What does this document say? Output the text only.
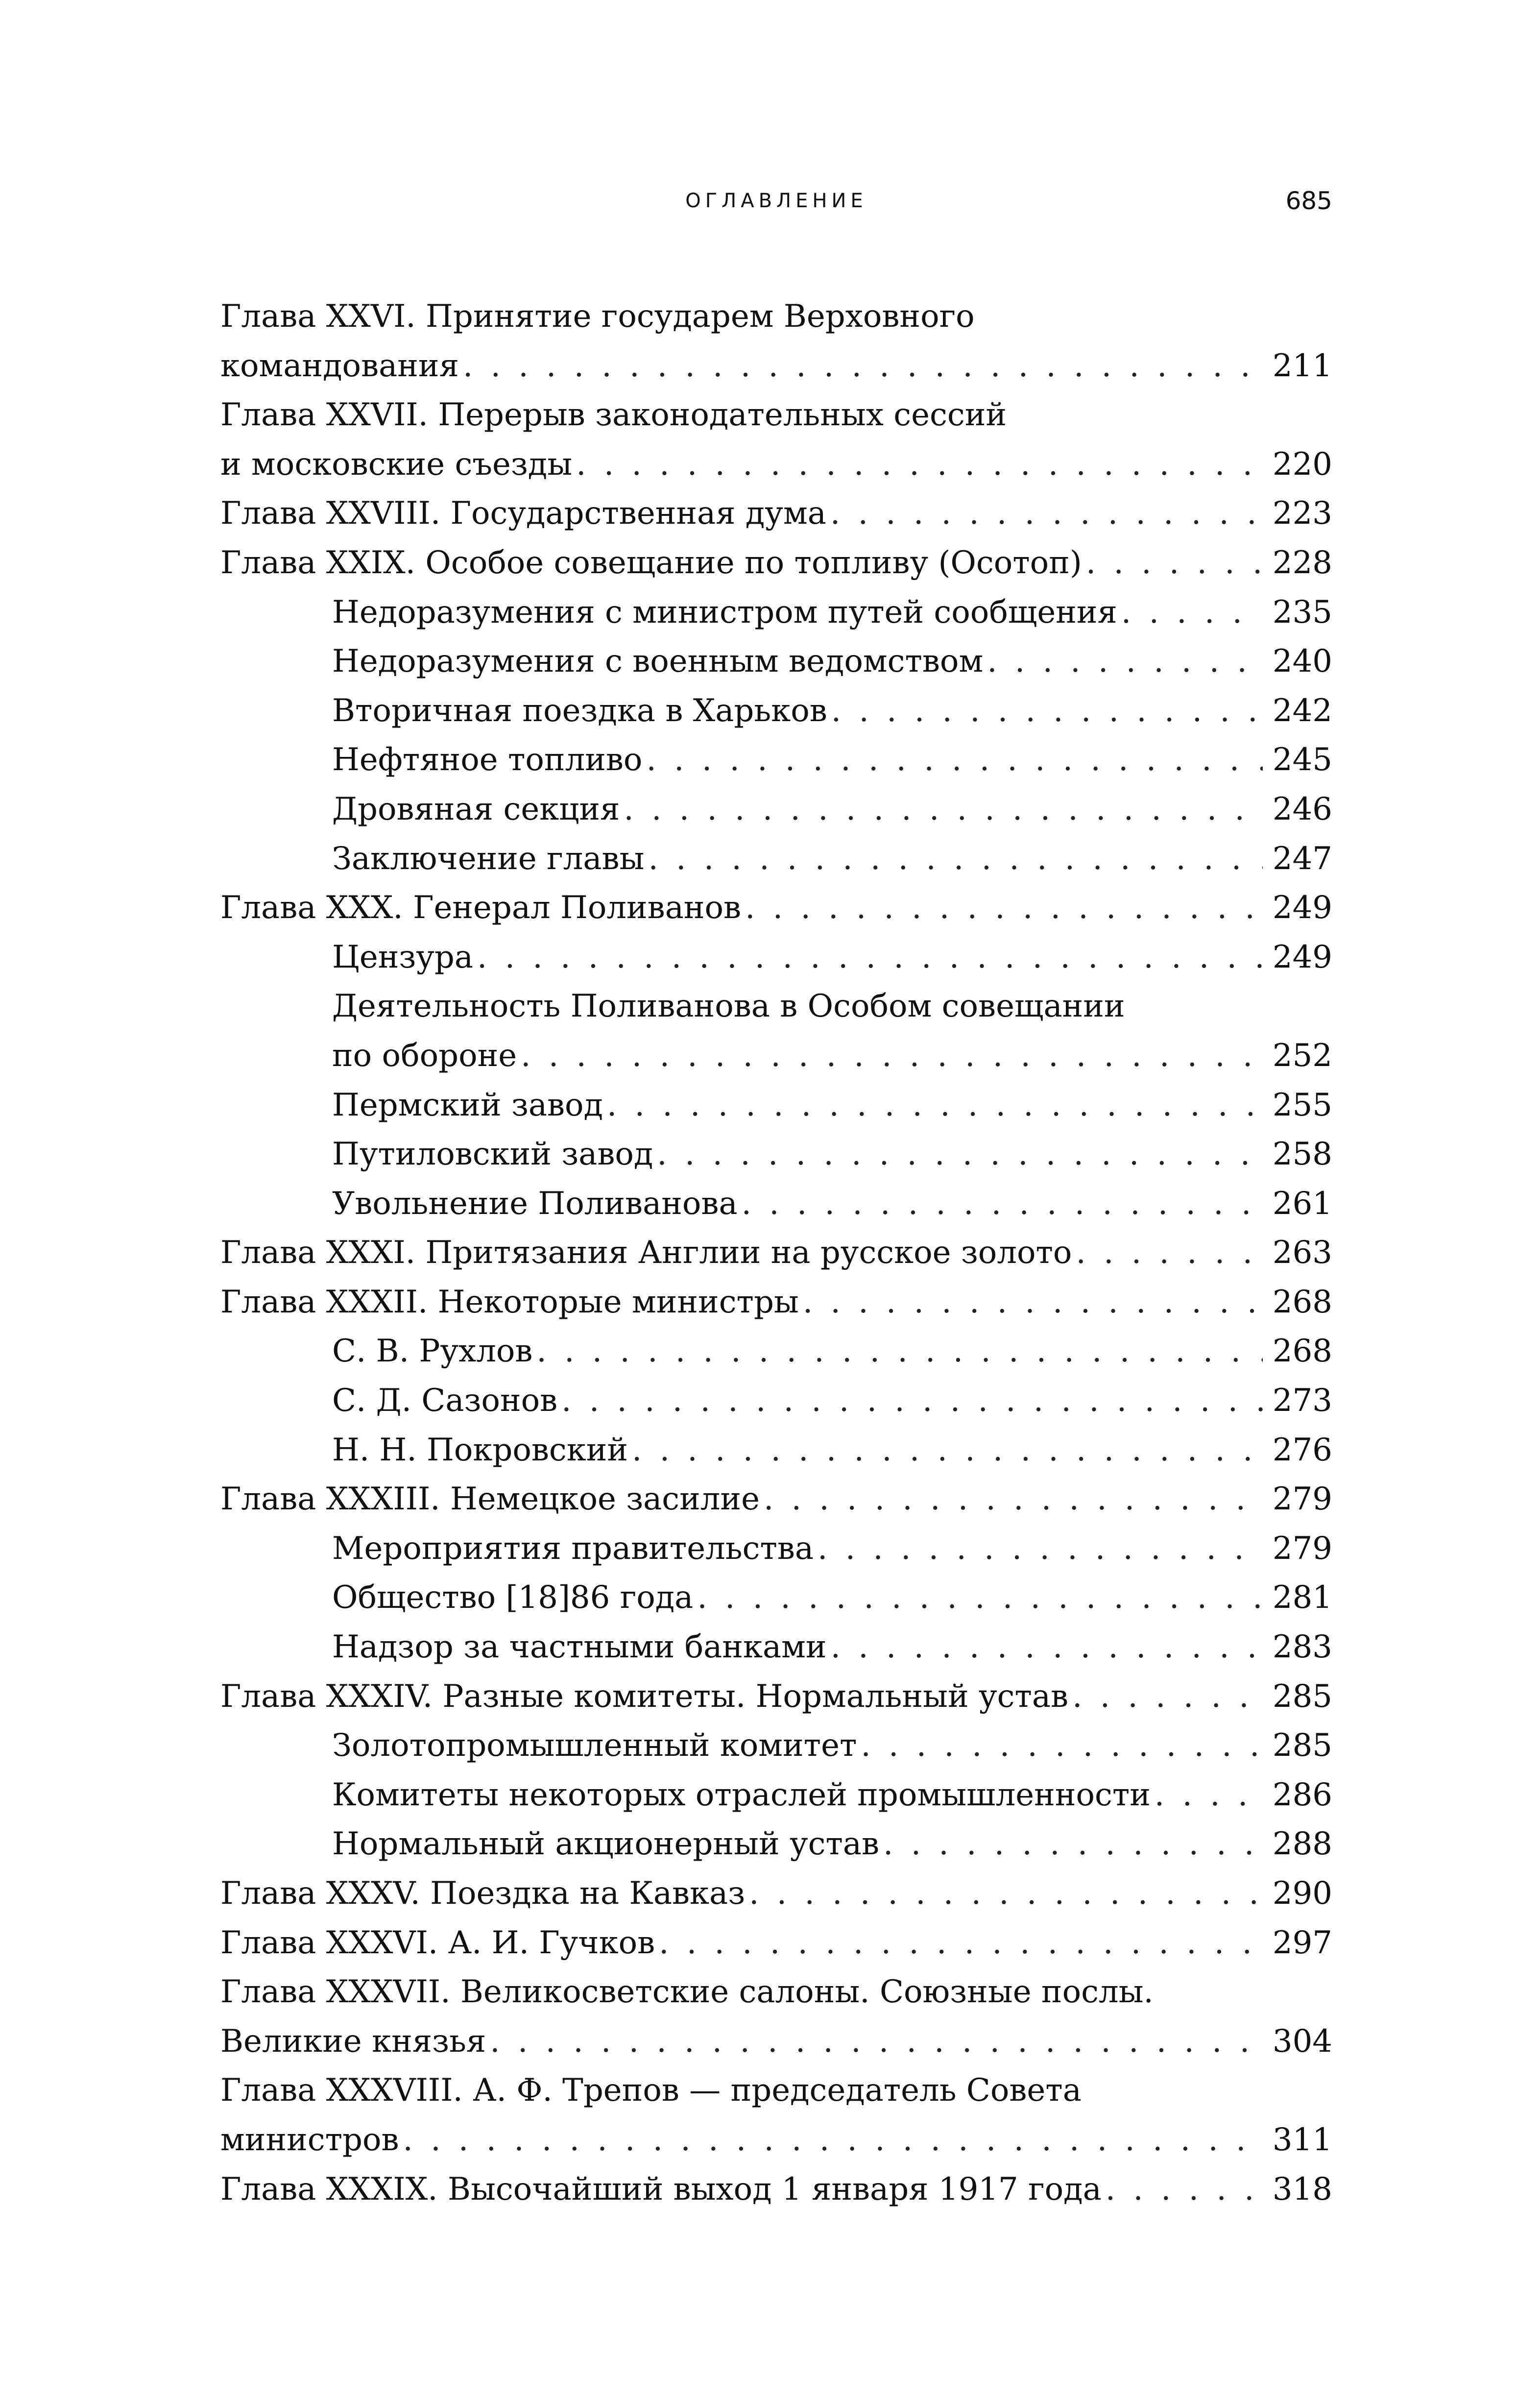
ОГЛАВЛЕНИЕ	685
Глава XXVI. Принятие государем Верховного
командования . . .	211
Глава XXVII. Перерыв законодательных сессий
и московские съезды . . .	220
Глава XXVIII. Государственная дума . . .	223
Глава XXIX. Особое совещание по топливу (Осотоп) . . .	228
Недоразумения с министром путей сообщения . . .	235
Недоразумения с военным ведомством . . .	240
Вторичная поездка в Харьков . . .	242
Нефтяное топливо . . .	245
Дровяная секция . . .	246
Заключение главы . . .	247
Глава XXX. Генерал Поливанов . . .	249
Цензура . . .	249
Деятельность Поливанова в Особом совещании
по обороне . . .	252
Пермский завод . . .	255
Путиловский завод . . .	258
Увольнение Поливанова . . .	261
Глава XXXI. Притязания Англии на русское золото . . .	263
Глава XXXII. Некоторые министры . . .	268
С. В. Рухлов . . .	268
С. Д. Сазонов . . .	273
Н. Н. Покровский . . .	276
Глава XXXIII. Немецкое засилие . . .	279
Мероприятия правительства . . .	279
Общество [18]86 года . . .	281
Надзор за частными банками . . .	283
Глава XXXIV. Разные комитеты. Нормальный устав . . .	285
Золотопромышленный комитет . . .	285
Комитеты некоторых отраслей промышленности . . .	286
Нормальный акционерный устав . . .	288
Глава XXXV. Поездка на Кавказ . . .	290
Глава XXXVI. А. И. Гучков . . .	297
Глава XXXVII. Великосветские салоны. Союзные послы.
Великие князья . . .	304
Глава XXXVIII. А. Ф. Трепов — председатель Совета
министров . . .	311
Глава XXXIX. Высочайший выход 1 января 1917 года . . .	318
